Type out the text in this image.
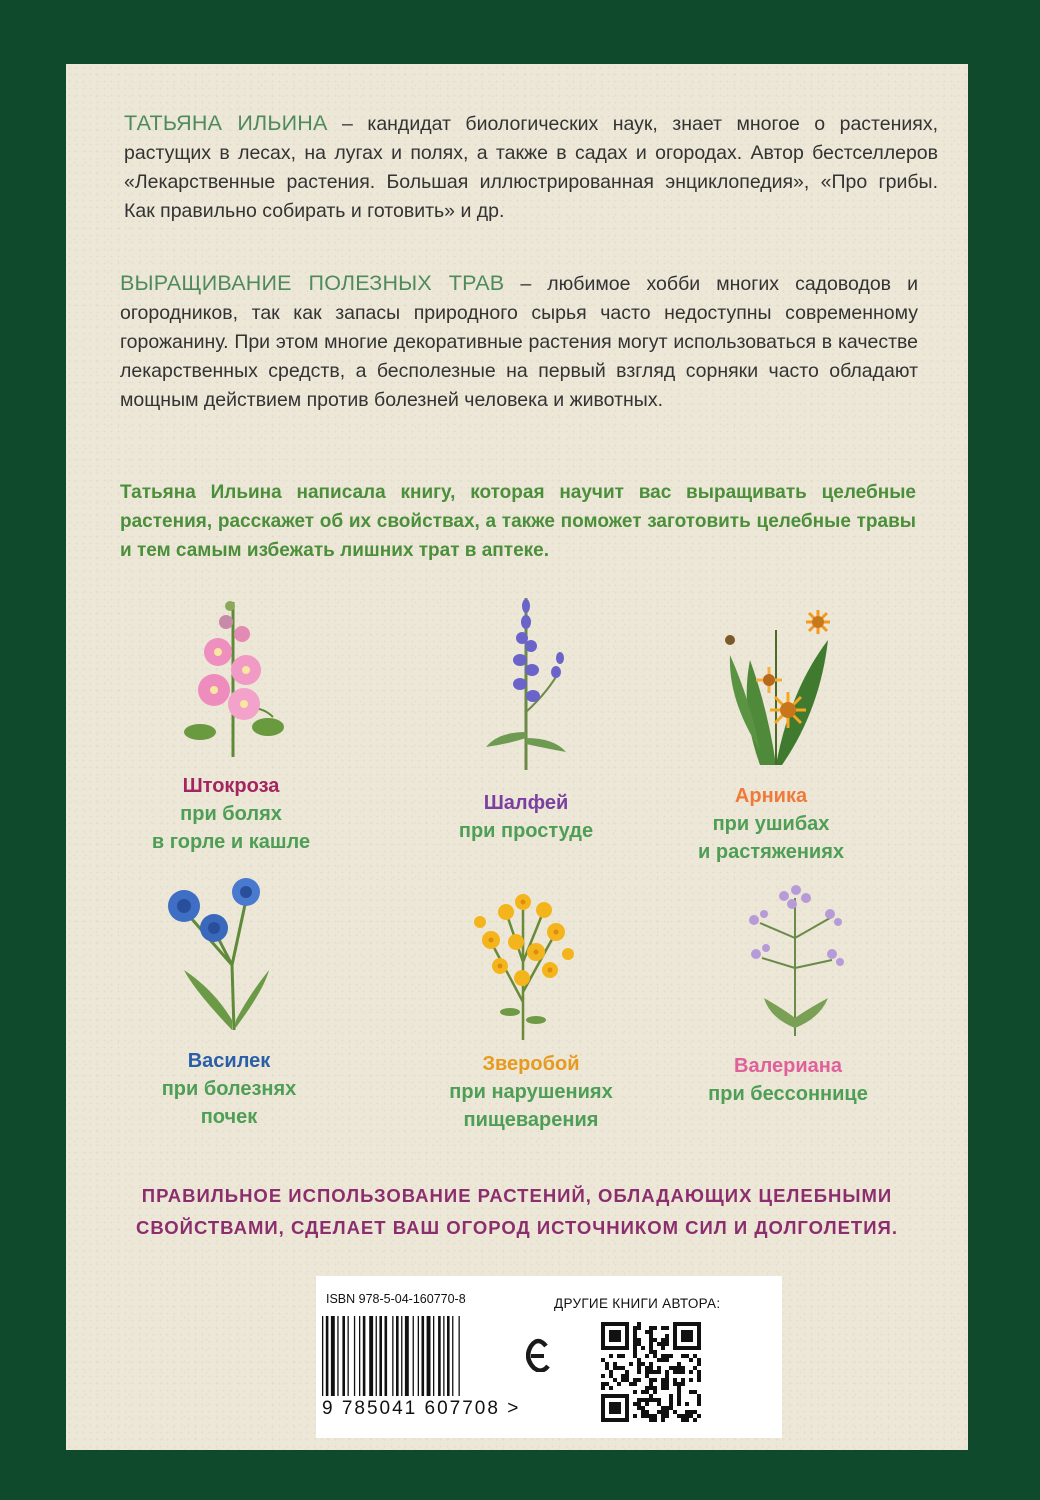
ТАТЬЯНА ИЛЬИНА – кандидат биологических наук, знает многое о растениях, растущих в лесах, на лугах и полях, а также в садах и огородах. Автор бестселлеров «Лекарственные растения. Большая иллюстрированная энциклопедия», «Про грибы. Как правильно собирать и готовить» и др.
ВЫРАЩИВАНИЕ ПОЛЕЗНЫХ ТРАВ – любимое хобби многих садоводов и огородников, так как запасы природного сырья часто недоступны современному горожанину. При этом многие декоративные растения могут использоваться в качестве лекарственных средств, а бесполезные на первый взгляд сорняки часто обладают мощным действием против болезней человека и животных.
Татьяна Ильина написала книгу, которая научит вас выращивать целебные растения, расскажет об их свойствах, а также поможет заготовить целебные травы и тем самым избежать лишних трат в аптеке.
Штокроза
при болях
в горле и кашле
Шалфей
при простуде
Арника
при ушибах
и растяжениях
Василек
при болезнях
почек
Зверобой
при нарушениях
пищеварения
Валериана
при бессоннице
ПРАВИЛЬНОЕ ИСПОЛЬЗОВАНИЕ РАСТЕНИЙ, ОБЛАДАЮЩИХ ЦЕЛЕБНЫМИ СВОЙСТВАМИ, СДЕЛАЕТ ВАШ ОГОРОД ИСТОЧНИКОМ СИЛ И ДОЛГОЛЕТИЯ.
ISBN 978-5-04-160770-8
9 785041 607708 >
ДРУГИЕ КНИГИ АВТОРА:
